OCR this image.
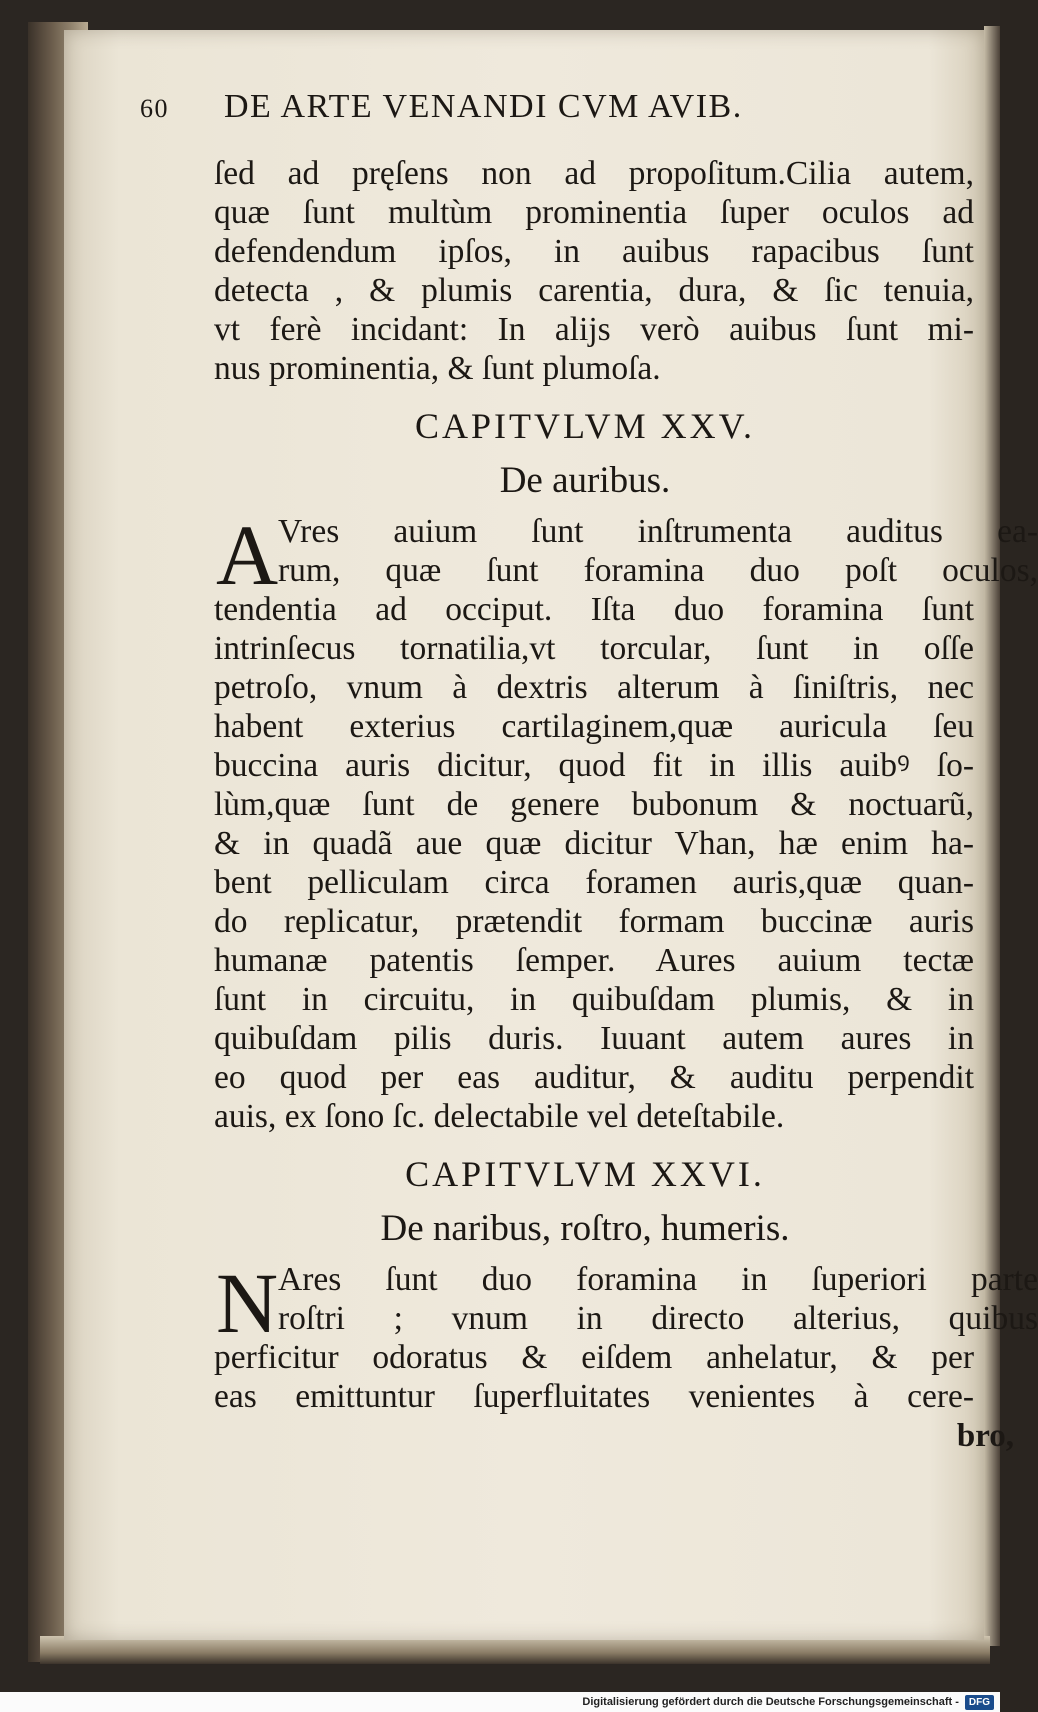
60	DE ARTE VENANDI CVM AVIB.
ſed ad pręſens non ad propoſitum.Cilia autem,
quæ ſunt multùm prominentia ſuper oculos ad
defendendum ipſos, in auibus rapacibus ſunt
detecta , & plumis carentia, dura, & ſic tenuia,
vt ferè incidant: In alijs verò auibus ſunt mi-
nus prominentia, & ſunt plumoſa.
CAPITVLVM XXV.
De auribus.
A Vres auium ſunt inſtrumenta auditus ea-
rum, quæ ſunt foramina duo poſt oculos,
tendentia ad occiput. Iſta duo foramina ſunt
intrinſecus tornatilia,vt torcular, ſunt in oſſe
petroſo, vnum à dextris alterum à ſiniſtris, nec
habent exterius cartilaginem,quæ auricula ſeu
buccina auris dicitur, quod fit in illis auibꝰ ſo-
lùm,quæ ſunt de genere bubonum & noctuarũ,
& in quadã aue quæ dicitur Vhan, hæ enim ha-
bent pelliculam circa foramen auris,quæ quan-
do replicatur, prætendit formam buccinæ auris
humanæ patentis ſemper. Aures auium tectæ
ſunt in circuitu, in quibuſdam plumis, & in
quibuſdam pilis duris. Iuuant autem aures in
eo quod per eas auditur, & auditu perpendit
auis, ex ſono ſc. delectabile vel deteſtabile.
CAPITVLVM XXVI.
De naribus, roſtro, humeris.
N Ares ſunt duo foramina in ſuperiori parte
roſtri ; vnum in directo alterius, quibus
perficitur odoratus & eiſdem anhelatur, & per
eas emittuntur ſuperfluitates venientes à cere-
bro,
Digitalisierung gefördert durch die Deutsche Forschungsgemeinschaft - DFG
